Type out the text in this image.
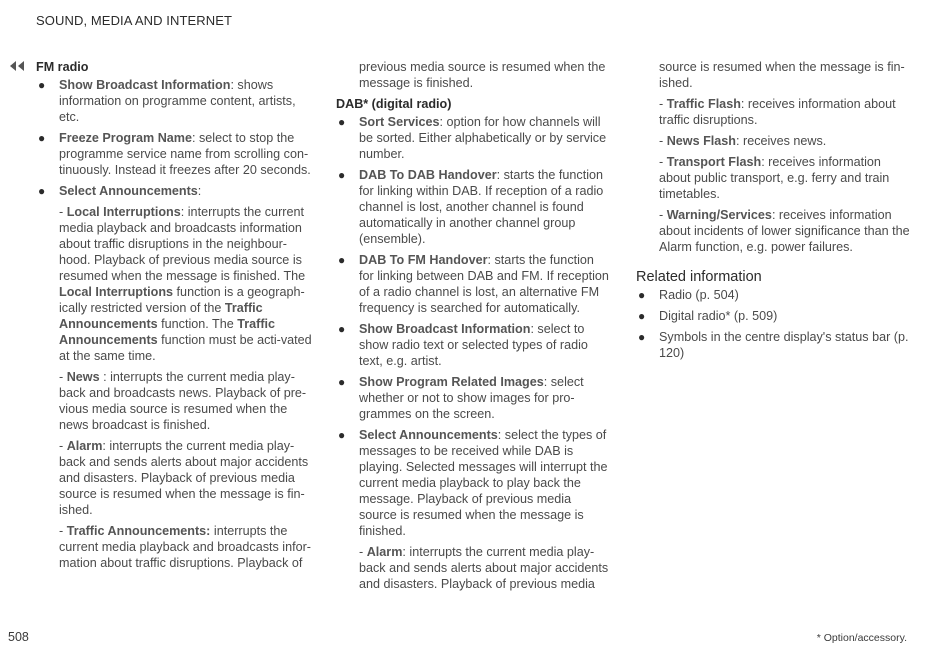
SOUND, MEDIA AND INTERNET
FM radio
● Show Broadcast Information: shows information on programme content, artists, etc.
● Freeze Program Name: select to stop the programme service name from scrolling con-tinuously. Instead it freezes after 20 seconds.
● Select Announcements:

- Local Interruptions: interrupts the current media playback and broadcasts information about traffic disruptions in the neighbour-hood. Playback of previous media source is resumed when the message is finished. The Local Interruptions function is a geograph-ically restricted version of the Traffic Announcements function. The Traffic Announcements function must be acti-vated at the same time.

- News : interrupts the current media play-back and broadcasts news. Playback of pre-vious media source is resumed when the news broadcast is finished.

- Alarm: interrupts the current media play-back and sends alerts about major accidents and disasters. Playback of previous media source is resumed when the message is fin-ished.

- Traffic Announcements: interrupts the current media playback and broadcasts infor-mation about traffic disruptions. Playback of

previous media source is resumed when the message is finished.

DAB* (digital radio)
● Sort Services: option for how channels will be sorted. Either alphabetically or by service number.
● DAB To DAB Handover: starts the function for linking within DAB. If reception of a radio channel is lost, another channel is found automatically in another channel group (ensemble).
● DAB To FM Handover: starts the function for linking between DAB and FM. If reception of a radio channel is lost, an alternative FM frequency is searched for automatically.
● Show Broadcast Information: select to show radio text or selected types of radio text, e.g. artist.
● Show Program Related Images: select whether or not to show images for pro-grammes on the screen.
● Select Announcements: select the types of messages to be received while DAB is playing. Selected messages will interrupt the current media playback to play back the message. Playback of previous media source is resumed when the message is finished.

- Alarm: interrupts the current media play-back and sends alerts about major accidents and disasters. Playback of previous media

source is resumed when the message is fin-ished.

- Traffic Flash: receives information about traffic disruptions.

- News Flash: receives news.

- Transport Flash: receives information about public transport, e.g. ferry and train timetables.

- Warning/Services: receives information about incidents of lower significance than the Alarm function, e.g. power failures.

Related information
● Radio (p. 504)
● Digital radio* (p. 509)
● Symbols in the centre display's status bar (p. 120)
508	* Option/accessory.
